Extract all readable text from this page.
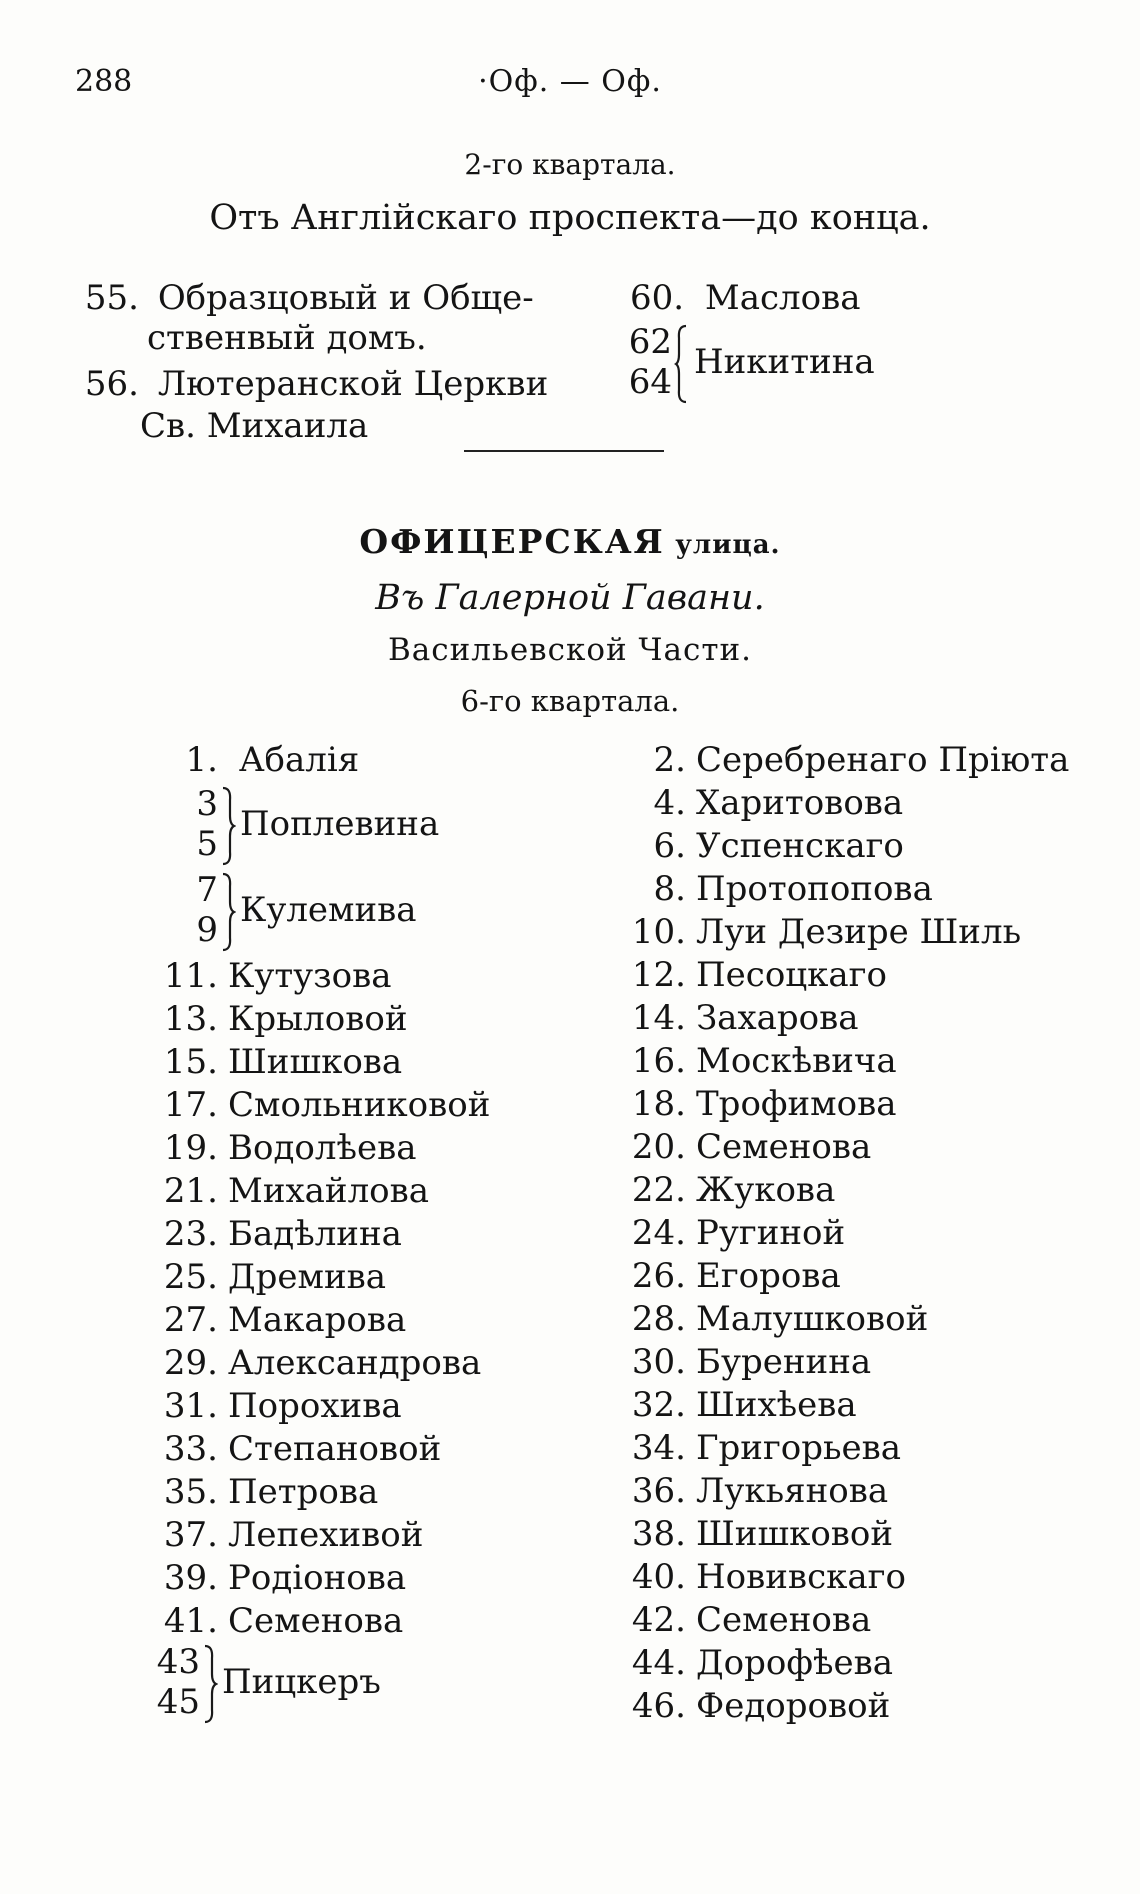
288	·Оф. — Оф.
2-го квартала.
Отъ Англійскаго проспекта—до конца.
55. Образцовый и Обще-
ственвый домъ.
56. Лютеранской Церкви
Св. Михаила
60. Маслова
62
64 Никитина
ОФИЦЕРСКАЯ улица.
Въ Галерной Гавани.
Васильевской Части.
6-го квартала.
1. Абалія
3
5 Поплевина
7
9 Кулемива
11. Кутузова
13. Крыловой
15. Шишкова
17. Смольниковой
19. Водолѣева
21. Михайлова
23. Бадѣлина
25. Дремива
27. Макарова
29. Александрова
31. Порохива
33. Степановой
35. Петрова
37. Лепехивой
39. Родіонова
41. Семенова
43
45 Пицкеръ
2. Серебренаго Пріюта
4. Харитовова
6. Успенскаго
8. Протопопова
10. Луи Дезире Шиль
12. Песоцкаго
14. Захарова
16. Москѣвича
18. Трофимова
20. Семенова
22. Жукова
24. Ругиной
26. Егорова
28. Малушковой
30. Буренина
32. Шихѣева
34. Григорьева
36. Лукьянова
38. Шишковой
40. Новивскаго
42. Семенова
44. Дорофѣева
46. Федоровой
